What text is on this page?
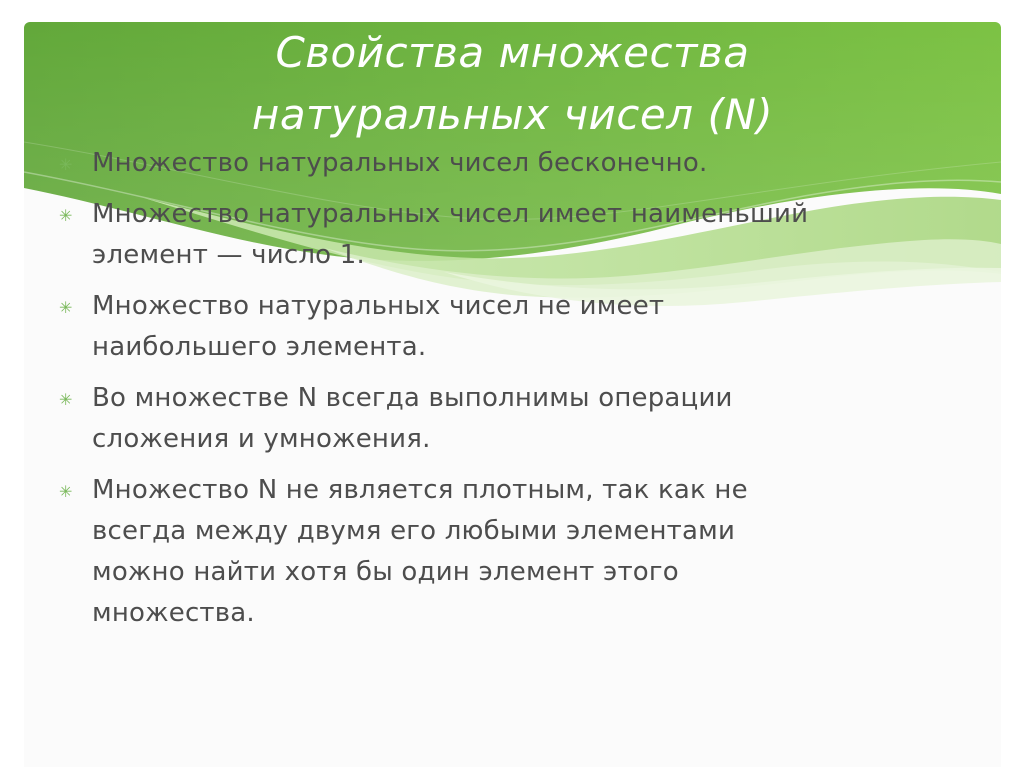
Свойства множества
натуральных чисел (N)
✳ Множество натуральных чисел бесконечно.
✳ Множество натуральных чисел имеет наименьший
элемент — число 1.
✳ Множество натуральных чисел не имеет
наибольшего элемента.
✳ Во множестве N всегда выполнимы операции
сложения и умножения.
✳ Множество N не является плотным, так как не
всегда между двумя его любыми элементами
можно найти хотя бы один элемент этого
множества.
